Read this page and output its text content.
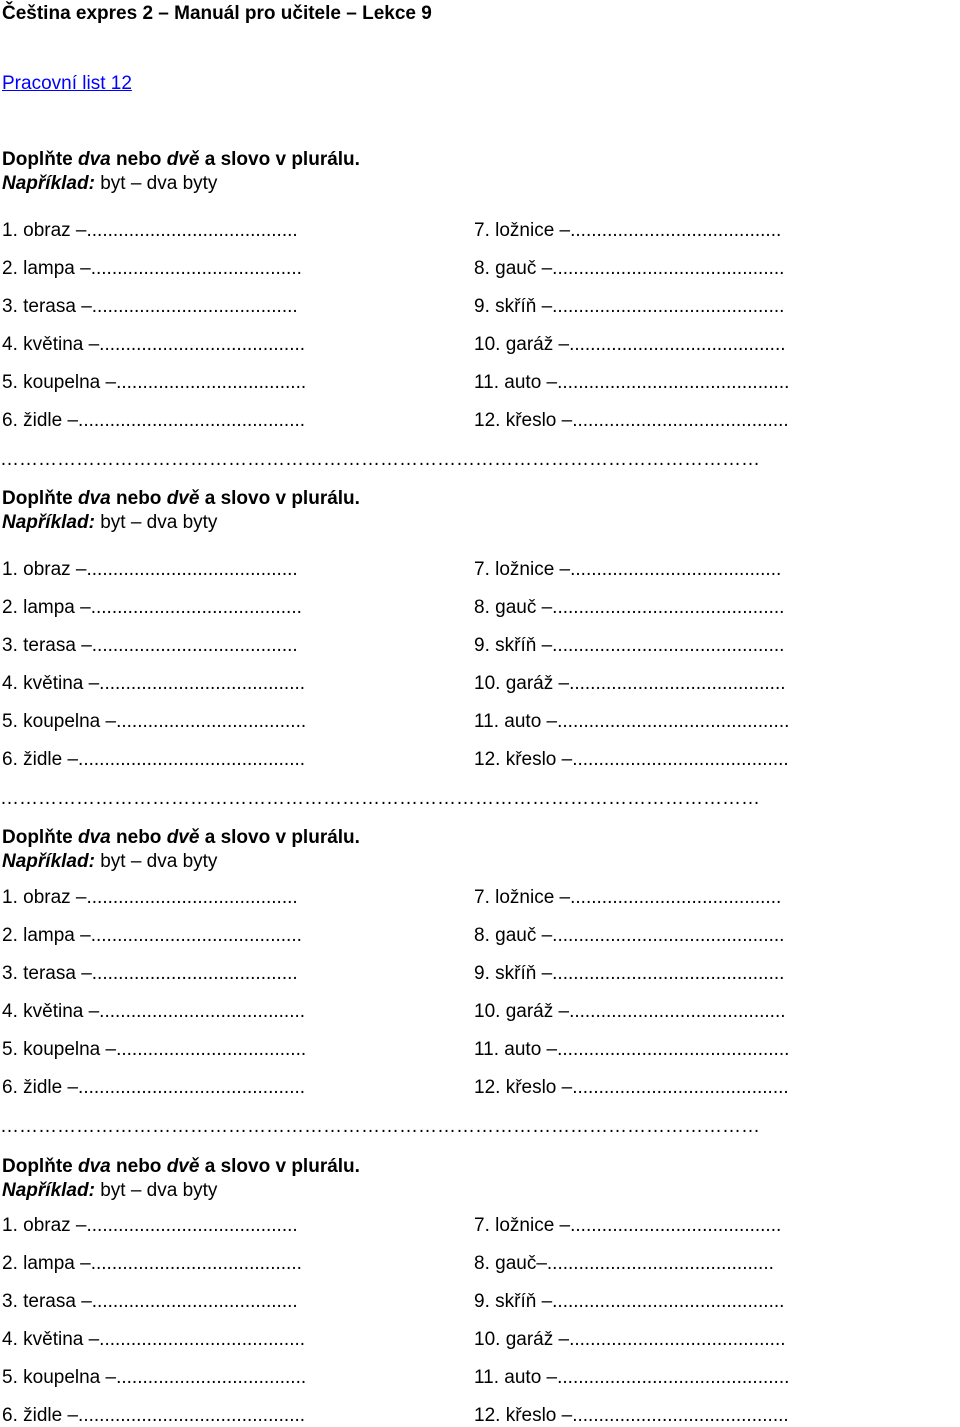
Čeština expres 2 – Manuál pro učitele – Lekce 9
Pracovní list 12
Doplňte dva nebo dvě a slovo v plurálu.
Například: byt – dva byty
1. obraz –........................................
2. lampa –........................................
3. terasa –.......................................
4. květina –.......................................
5. koupelna –....................................
6. židle –...........................................
7. ložnice –........................................
8. gauč –............................................
9. skříň –............................................
10. garáž –.........................................
11. auto –............................................
12. křeslo –.........................................
…………………………………………………………………………………………………………
Doplňte dva nebo dvě a slovo v plurálu.
Například: byt – dva byty
1. obraz –........................................
2. lampa –........................................
3. terasa –.......................................
4. květina –.......................................
5. koupelna –....................................
6. židle –...........................................
7. ložnice –........................................
8. gauč –............................................
9. skříň –............................................
10. garáž –.........................................
11. auto –............................................
12. křeslo –.........................................
…………………………………………………………………………………………………………
Doplňte dva nebo dvě a slovo v plurálu.
Například: byt – dva byty
1. obraz –........................................
2. lampa –........................................
3. terasa –.......................................
4. květina –.......................................
5. koupelna –....................................
6. židle –...........................................
7. ložnice –........................................
8. gauč –............................................
9. skříň –............................................
10. garáž –.........................................
11. auto –............................................
12. křeslo –.........................................
…………………………………………………………………………………………………………
Doplňte dva nebo dvě a slovo v plurálu.
Například: byt – dva byty
1. obraz –........................................
2. lampa –........................................
3. terasa –.......................................
4. květina –.......................................
5. koupelna –....................................
6. židle –...........................................
7. ložnice –........................................
8. gauč–...........................................
9. skříň –............................................
10. garáž –.........................................
11. auto –............................................
12. křeslo –.........................................
